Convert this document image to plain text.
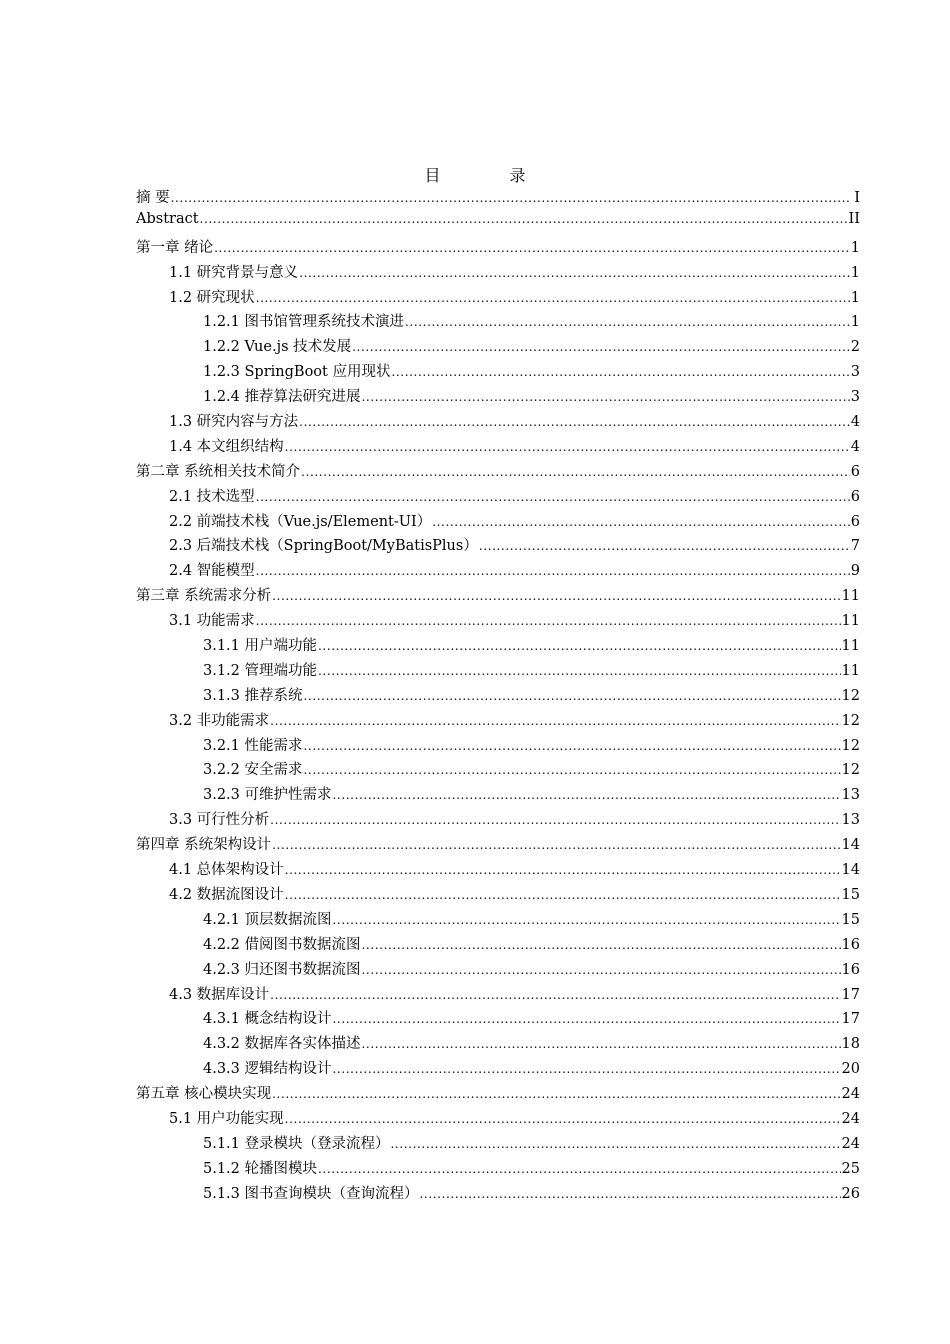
目 录
摘 要 .....	I
Abstract .....	II
第一章 绪论 .....	1
1.1 研究背景与意义 .....	1
1.2 研究现状 .....	1
1.2.1 图书馆管理系统技术演进 .....	1
1.2.2 Vue.js 技术发展 .....	2
1.2.3 SpringBoot 应用现状 .....	3
1.2.4 推荐算法研究进展 .....	3
1.3 研究内容与方法 .....	4
1.4 本文组织结构 .....	4
第二章 系统相关技术简介 .....	6
2.1 技术选型 .....	6
2.2 前端技术栈（Vue.js/Element-UI） .....	6
2.3 后端技术栈（SpringBoot/MyBatisPlus） .....	7
2.4 智能模型 .....	9
第三章 系统需求分析 .....	11
3.1 功能需求 .....	11
3.1.1 用户端功能 .....	11
3.1.2 管理端功能 .....	11
3.1.3 推荐系统 .....	12
3.2 非功能需求 .....	12
3.2.1 性能需求 .....	12
3.2.2 安全需求 .....	12
3.2.3 可维护性需求 .....	13
3.3 可行性分析 .....	13
第四章 系统架构设计 .....	14
4.1 总体架构设计 .....	14
4.2 数据流图设计 .....	15
4.2.1 顶层数据流图 .....	15
4.2.2 借阅图书数据流图 .....	16
4.2.3 归还图书数据流图 .....	16
4.3 数据库设计 .....	17
4.3.1 概念结构设计 .....	17
4.3.2 数据库各实体描述 .....	18
4.3.3 逻辑结构设计 .....	20
第五章 核心模块实现 .....	24
5.1 用户功能实现 .....	24
5.1.1 登录模块（登录流程） .....	24
5.1.2 轮播图模块 .....	25
5.1.3 图书查询模块（查询流程） .....	26
